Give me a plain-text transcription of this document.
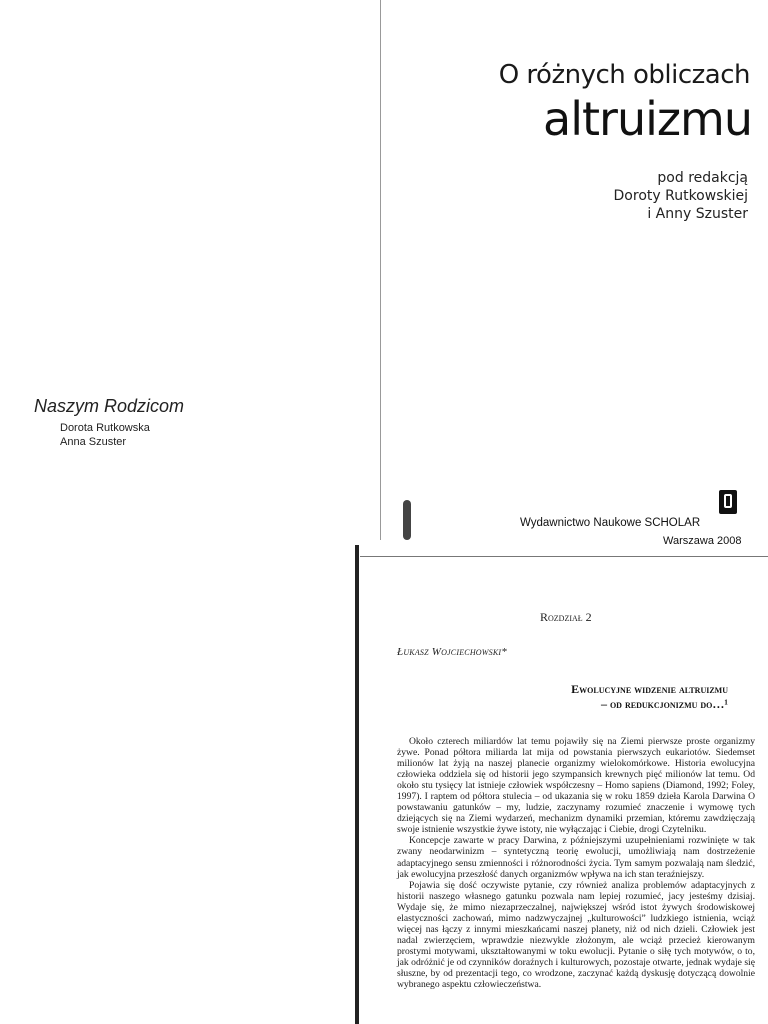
O różnych obliczach
altruizmu
pod redakcją
Doroty Rutkowskiej
i Anny Szuster
Naszym Rodzicom
Dorota Rutkowska
Anna Szuster
Wydawnictwo Naukowe SCHOLAR
Warszawa 2008
Rozdział 2
Łukasz Wojciechowski*
Ewolucyjne widzenie altruizmu
– od redukcjonizmu do…¹

Około czterech miliardów lat temu pojawiły się na Ziemi pierwsze proste organizmy żywe. Ponad półtora miliarda lat mija od powstania pierwszych eukariotów. Siedemset milionów lat żyją na naszej planecie organizmy wielokomórkowe. Historia ewolucyjna człowieka oddziela się od historii jego szympansich krewnych pięć milionów lat temu. Od około stu tysięcy lat istnieje człowiek współczesny – Homo sapiens (Diamond, 1992; Foley, 1997). I raptem od półtora stulecia – od ukazania się w roku 1859 dzieła Karola Darwina O powstawaniu gatunków – my, ludzie, zaczynamy rozumieć znaczenie i wymowę tych dziejących się na Ziemi wydarzeń, mechanizm dynamiki przemian, któremu zawdzięczają swoje istnienie wszystkie żywe istoty, nie wyłączając i Ciebie, drogi Czytelniku.

Koncepcje zawarte w pracy Darwina, z późniejszymi uzupełnieniami rozwinięte w tak zwany neodarwinizm – syntetyczną teorię ewolucji, umożliwiają nam dostrzeżenie adaptacyjnego sensu zmienności i różnorodności życia. Tym samym pozwalają nam śledzić, jak ewolucyjna przeszłość danych organizmów wpływa na ich stan teraźniejszy.

Pojawia się dość oczywiste pytanie, czy również analiza problemów adaptacyjnych z historii naszego własnego gatunku pozwala nam lepiej rozumieć, jacy jesteśmy dzisiaj. Wydaje się, że mimo niezaprzeczalnej, największej wśród istot żywych środowiskowej elastyczności zachowań, mimo nadzwyczajnej „kulturowości” ludzkiego istnienia, wciąż więcej nas łączy z innymi mieszkańcami naszej planety, niż od nich dzieli. Człowiek jest nadal zwierzęciem, wprawdzie niezwykle złożonym, ale wciąż przecież kierowanym prostymi motywami, ukształtowanymi w toku ewolucji. Pytanie o siłę tych motywów, o to, jak odróżnić je od czynników doraźnych i kulturowych, pozostaje otwarte, jednak wydaje się słuszne, by od prezentacji tego, co wrodzone, zaczynać każdą dyskusję dotyczącą dowolnie wybranego aspektu człowieczeństwa.
